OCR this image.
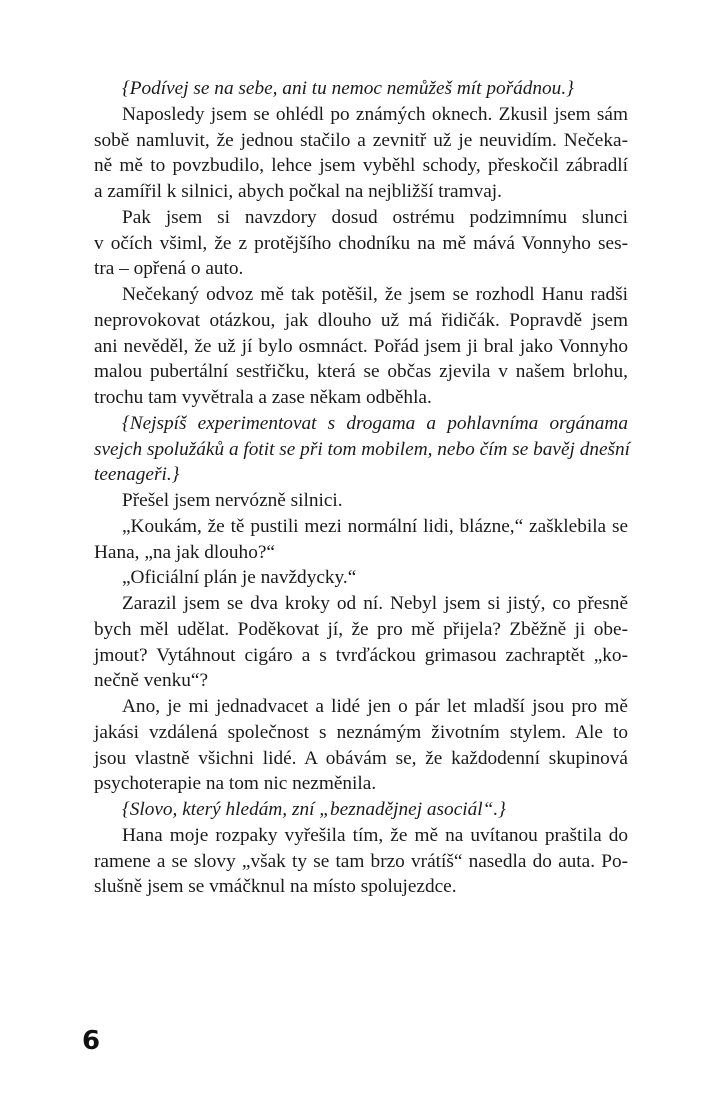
{Podívej se na sebe, ani tu nemoc nemůžeš mít pořádnou.}
Naposledy jsem se ohlédl po známých oknech. Zkusil jsem sám
sobě namluvit, že jednou stačilo a zevnitř už je neuvidím. Nečeka-
ně mě to povzbudilo, lehce jsem vyběhl schody, přeskočil zábradlí
a zamířil k silnici, abych počkal na nejbližší tramvaj.
Pak jsem si navzdory dosud ostrému podzimnímu slunci
v očích všiml, že z protějšího chodníku na mě mává Vonnyho ses-
tra – opřená o auto.
Nečekaný odvoz mě tak potěšil, že jsem se rozhodl Hanu radši
neprovokovat otázkou, jak dlouho už má řidičák. Popravdě jsem
ani nevěděl, že už jí bylo osmnáct. Pořád jsem ji bral jako Vonnyho
malou pubertální sestřičku, která se občas zjevila v našem brlohu,
trochu tam vyvětrala a zase někam odběhla.
{Nejspíš experimentovat s drogama a pohlavníma orgánama
svejch spolužáků a fotit se při tom mobilem, nebo čím se bavěj dnešní
teenageři.}
Přešel jsem nervózně silnici.
„Koukám, že tě pustili mezi normální lidi, blázne,“ zašklebila se
Hana, „na jak dlouho?“
„Oficiální plán je navždycky.“
Zarazil jsem se dva kroky od ní. Nebyl jsem si jistý, co přesně
bych měl udělat. Poděkovat jí, že pro mě přijela? Zběžně ji obe-
jmout? Vytáhnout cigáro a s tvrďáckou grimasou zachraptět „ko-
nečně venku“?
Ano, je mi jednadvacet a lidé jen o pár let mladší jsou pro mě
jakási vzdálená společnost s neznámým životním stylem. Ale to
jsou vlastně všichni lidé. A obávám se, že každodenní skupinová
psychoterapie na tom nic nezměnila.
{Slovo, který hledám, zní „beznadějnej asociál“.}
Hana moje rozpaky vyřešila tím, že mě na uvítanou praštila do
ramene a se slovy „však ty se tam brzo vrátíš“ nasedla do auta. Po-
slušně jsem se vmáčknul na místo spolujezdce.
6
